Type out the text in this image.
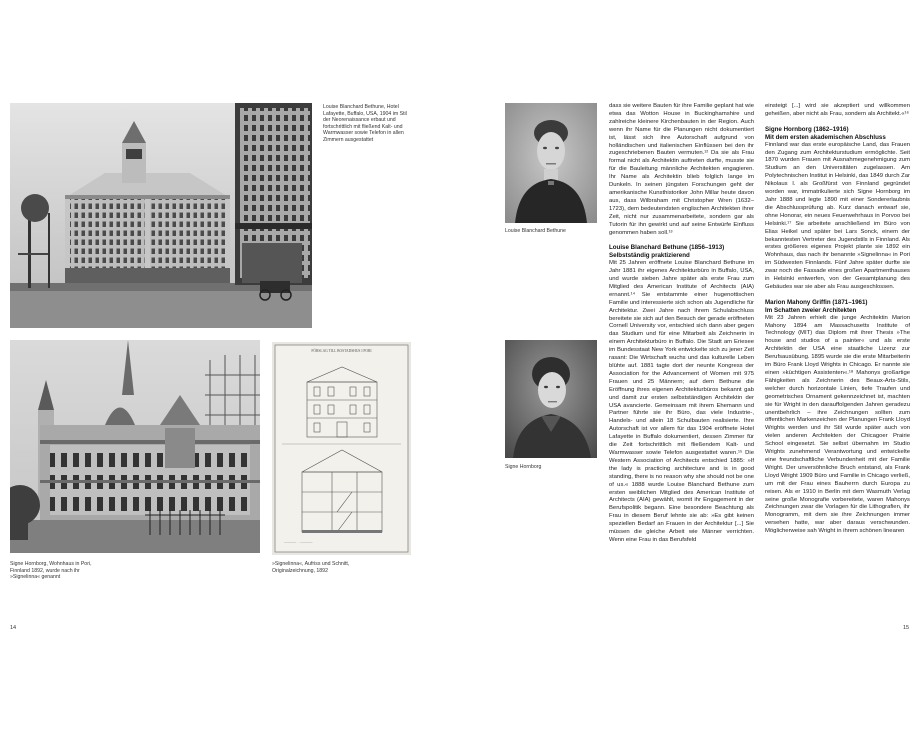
Louise Blanchard Bethune, Hotel Lafayette, Buffalo, USA, 1904 im Stil der Neorenaissance erbaut und fortschrittlich mit fließend Kalt- und Warmwasser sowie Telefon in allen Zimmern ausgestattet
Signe Hornborg, Wohnhaus in Pori, Finnland 1892, wurde nach ihr »Signelinna« genannt
———— · · ————
FÖRSLAG TILL BOSTADSHUS I PORI
»Signelinna«, Aufriss und Schnitt, Originalzeichnung, 1892
14
Louise Blanchard Bethune
Signe Hornborg

dass sie weitere Bauten für ihre Familie geplant hat wie etwa das Wotton House in Buckinghamshire und zahlreiche kleinere Kirchenbauten in der Region. Auch wenn ihr Name für die Planungen nicht dokumentiert ist, lässt sich ihre Autorschaft aufgrund von holländischen und italienischen Einflüssen bei den ihr zugeschriebenen Bauten vermuten.¹² Da sie als Frau formal nicht als Architektin auftreten durfte, musste sie für die Bauleitung männliche Architekten engagieren. Ihr Name als Architektin blieb folglich lange im Dunkeln. In seinen jüngsten Forschungen geht der amerikanische Kunsthistoriker John Millar heute davon aus, dass Wilbraham mit Christopher Wren (1632–1723), dem bedeutendsten englischen Architekten ihrer Zeit, nicht nur zusammenarbeitete, sondern gar als Tutorin für ihn gewirkt und auf seine Entwürfe Einfluss genommen haben soll.¹³

Louise Blanchard Bethune (1856–1913)
Selbstständig praktizierend

Mit 25 Jahren eröffnete Louise Blanchard Bethune im Jahr 1881 ihr eigenes Architekturbüro in Buffalo, USA, und wurde sieben Jahre später als erste Frau zum Mitglied des American Institute of Architects (AIA) ernannt.¹⁴ Sie entstammte einer hugenottischen Familie und interessierte sich schon als Jugendliche für Architektur. Zwei Jahre nach ihrem Schulabschluss bereitete sie sich auf den Besuch der gerade eröffneten Cornell University vor, entschied sich dann aber gegen das Studium und für eine Mitarbeit als Zeichnerin in einem Architekturbüro in Buffalo. Die Stadt am Eriesee im Bundesstaat New York entwickelte sich zu jener Zeit rasant: Die Wirtschaft wuchs und das kulturelle Leben blühte auf. 1881 tagte dort der neunte Kongress der Association for the Advancement of Women mit 975 Frauen und 25 Männern; auf dem Bethune die Eröffnung ihres eigenen Architekturbüros bekannt gab und damit zur ersten selbstständigen Architektin der USA avancierte. Gemeinsam mit ihrem Ehemann und Partner führte sie ihr Büro, das viele Industrie-, Handels- und allein 18 Schulbauten realisierte. Ihre Autorschaft ist vor allem für das 1904 eröffnete Hotel Lafayette in Buffalo dokumentiert, dessen Zimmer für die Zeit fortschrittlich mit fließendem Kalt- und Warmwasser sowie Telefon ausgestattet waren.¹⁵ Die Western Association of Architects entschied 1885: »If the lady is practicing architecture and is in good standing, there is no reason why she should not be one of us.« 1888 wurde Louise Blanchard Bethune zum ersten weiblichen Mitglied des American Institute of Architects (AIA) gewählt, womit ihr Engagement in der Berufspolitik begann. Eine besondere Beachtung als Frau in diesem Beruf lehnte sie ab: »Es gibt keinen speziellen Bedarf an Frauen in der Architektur [...] Sie müssen die gleiche Arbeit wie Männer verrichten. Wenn eine Frau in das Berufsfeld

einsteigt [...] wird sie akzeptiert und willkommen geheißen, aber nicht als Frau, sondern als Architekt.«¹⁶

Signe Hornborg (1862–1916)
Mit dem ersten akademischen Abschluss

Finnland war das erste europäische Land, das Frauen den Zugang zum Architekturstudium ermöglichte. Seit 1870 wurden Frauen mit Ausnahmegenehmigung zum Studium an den Universitäten zugelassen. Am Polytechnischen Institut in Helsinki, das 1849 durch Zar Nikolaus I. als Großfürst von Finnland gegründet worden war, immatrikulierte sich Signe Hornborg im Jahr 1888 und legte 1890 mit einer Sondererlaubnis die Abschlussprüfung ab. Kurz danach entwarf sie, ohne Honorar, ein neues Feuerwehrhaus in Porvoo bei Helsinki.¹⁷ Sie arbeitete anschließend im Büro von Elias Heikel und später bei Lars Sonck, einem der bekanntesten Vertreter des Jugendstils in Finnland. Als erstes größeres eigenes Projekt plante sie 1892 ein Wohnhaus, das nach ihr benannte »Signelinna« in Pori im Südwesten Finnlands. Fünf Jahre später durfte sie zwar noch die Fassade eines großen Apartmenthauses in Helsinki entwerfen, von der Gesamtplanung des Gebäudes war sie aber als Frau ausgeschlossen.

Marion Mahony Griffin (1871–1961)
Im Schatten zweier Architekten

Mit 23 Jahren erhielt die junge Architektin Marion Mahony 1894 am Massachusetts Institute of Technology (MIT) das Diplom mit ihrer Thesis »The house and studios of a painter« und als erste Architektin der USA eine staatliche Lizenz zur Berufsausübung. 1895 wurde sie die erste Mitarbeiterin im Büro Frank Lloyd Wrights in Chicago. Er nannte sie einen »küchtigen Assistenten«.¹⁸ Mahonys großartige Fähigkeiten als Zeichnerin des Beaux-Arts-Stils, welcher durch horizontale Linien, tiefe Traufen und geometrisches Ornament gekennzeichnet ist, machten sie für Wright in den darauffolgenden Jahren geradezu unentbehrlich – ihre Zeichnungen sollten zum öffentlichen Markenzeichen der Planungen Frank Lloyd Wrights werden und ihr Stil wurde später auch von vielen anderen Architekten der Chicagoer Prairie School eingesetzt. Sie selbst übernahm im Studio Wrights zunehmend Verantwortung und entwickelte eine freundschaftliche Verbundenheit mit der Familie Wright. Der unversöhnliche Bruch entstand, als Frank Lloyd Wright 1909 Büro und Familie in Chicago verließ, um mit der Frau eines Bauherrn durch Europa zu reisen. Als er 1910 in Berlin mit dem Wasmuth Verlag seine große Monografie vorbereitete, waren Mahonys Zeichnungen zwar die Vorlagen für die Lithografien, ihr Monogramm, mit dem sie ihre Zeichnungen immer versehen hatte, war aber daraus verschwunden. Möglicherweise sah Wright in ihrem schönen linearen

15
